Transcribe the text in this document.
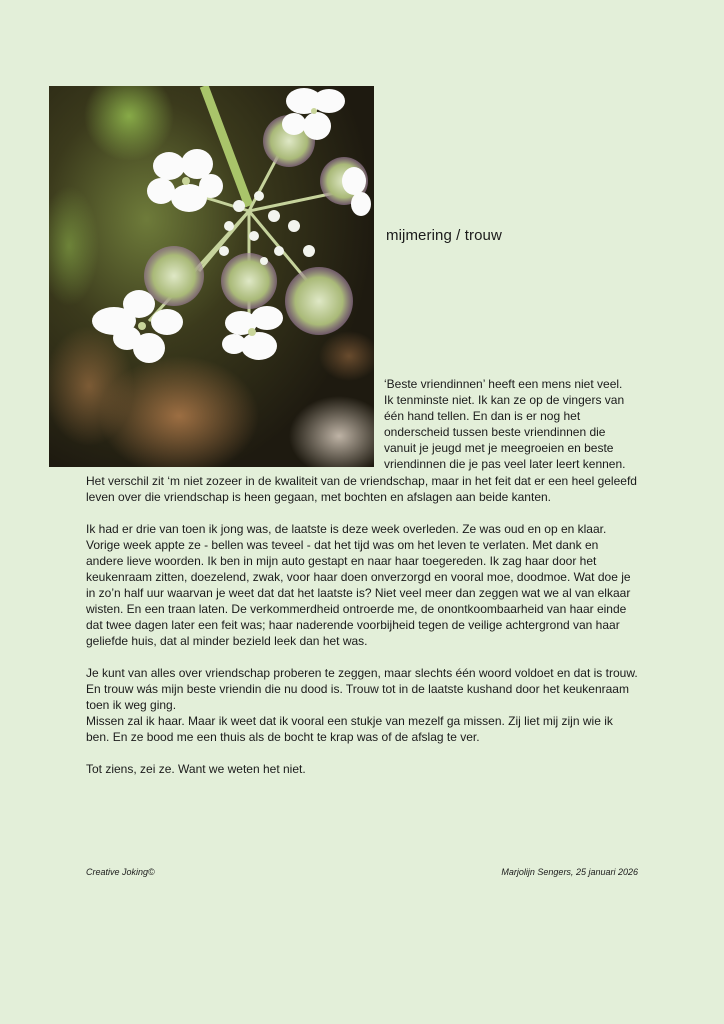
mijmering / trouw

‘Beste vriendinnen’ heeft een mens niet veel.

Ik tenminste niet. Ik kan ze op de vingers van

één hand tellen. En dan is er nog het

onderscheid tussen beste vriendinnen die

vanuit je jeugd met je meegroeien en beste

vriendinnen die je pas veel later leert kennen.

Het verschil zit ‘m niet zozeer in de kwaliteit van de vriendschap, maar in het feit dat er een heel geleefd leven over die vriendschap is heen gegaan, met bochten en afslagen aan beide kanten.

Ik had er drie van toen ik jong was, de laatste is deze week overleden. Ze was oud en op en klaar. Vorige week appte ze - bellen was teveel - dat het tijd was om het leven te verlaten. Met dank en andere lieve woorden. Ik ben in mijn auto gestapt en naar haar toegereden. Ik zag haar door het keukenraam zitten, doezelend, zwak, voor haar doen onverzorgd en vooral moe, doodmoe. Wat doe je in zo’n half uur waarvan je weet dat dat het laatste is? Niet veel meer dan zeggen wat we al van elkaar wisten. En een traan laten. De verkommerdheid ontroerde me, de onontkoombaarheid van haar einde dat twee dagen later een feit was; haar naderende voorbijheid tegen de veilige achtergrond van haar geliefde huis, dat al minder bezield leek dan het was.

Je kunt van alles over vriendschap proberen te zeggen, maar slechts één woord voldoet en dat is trouw. En trouw wás mijn beste vriendin die nu dood is. Trouw tot in de laatste kushand door het keukenraam toen ik weg ging.

Missen zal ik haar. Maar ik weet dat ik vooral een stukje van mezelf ga missen. Zij liet mij zijn wie ik ben. En ze bood me een thuis als de bocht te krap was of de afslag te ver.

Tot ziens, zei ze. Want we weten het niet.

Creative Joking©	Marjolijn Sengers, 25 januari 2026
